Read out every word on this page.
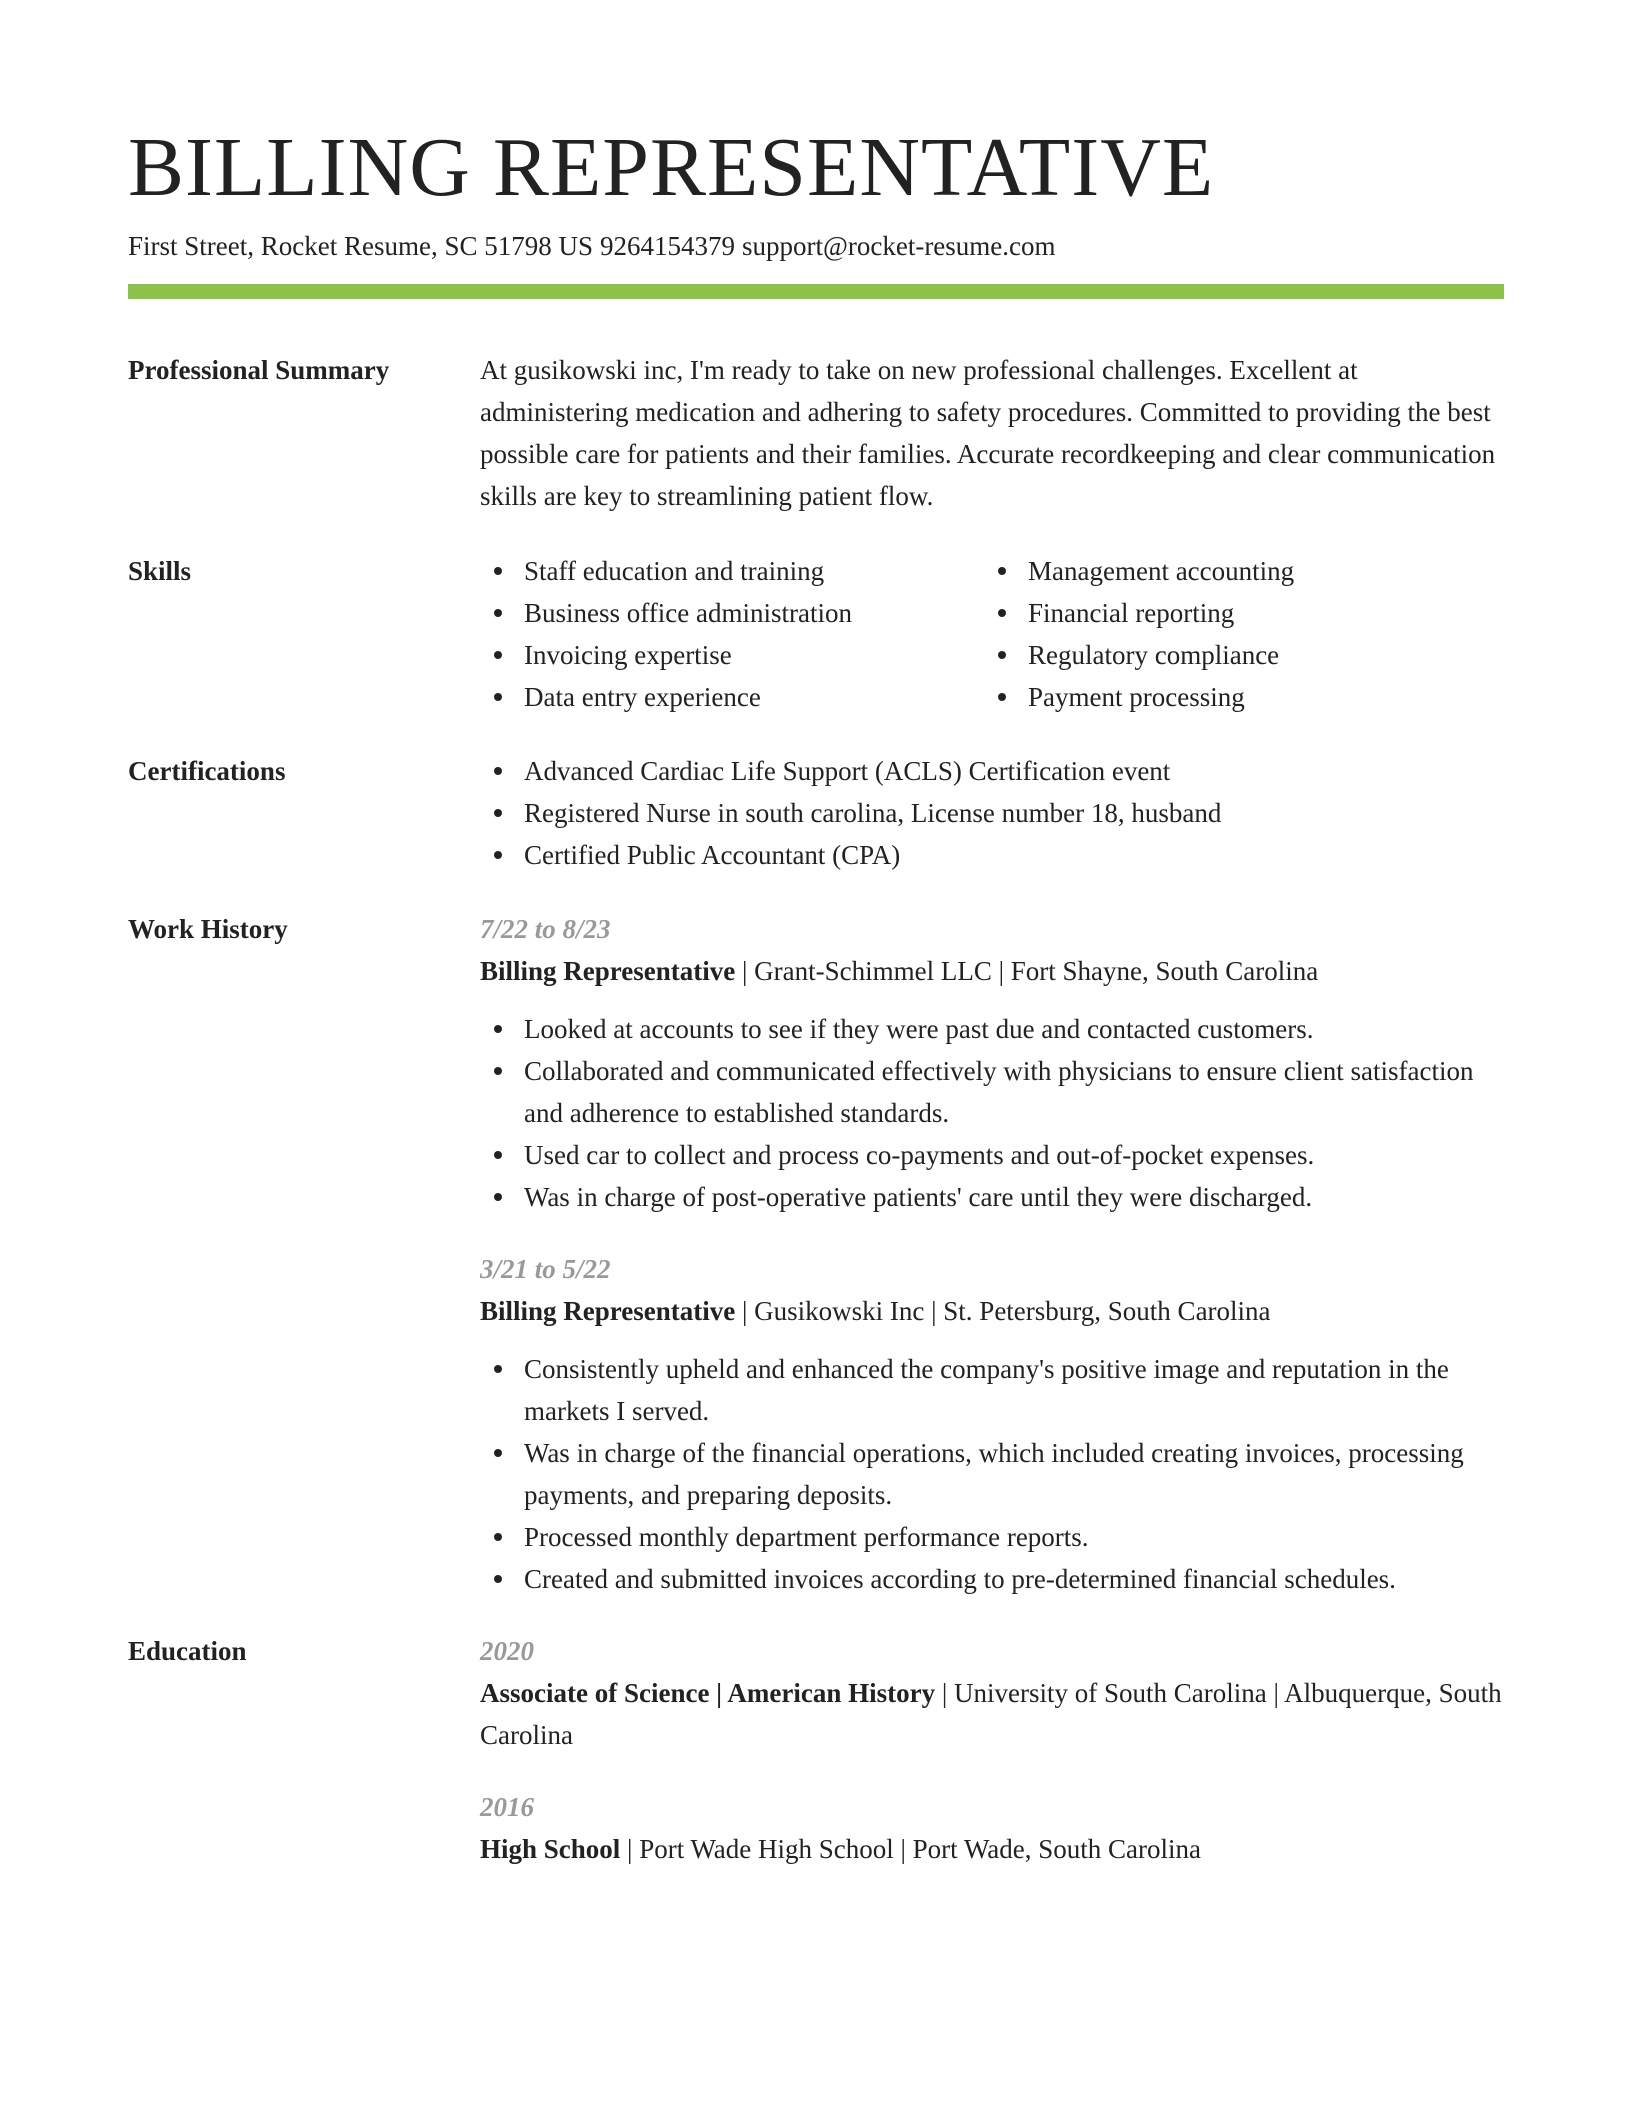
BILLING REPRESENTATIVE
First Street, Rocket Resume, SC 51798 US 9264154379 support@rocket-resume.com
Professional Summary	At gusikowski inc, I'm ready to take on new professional challenges. Excellent at administering medication and adhering to safety procedures. Committed to providing the best possible care for patients and their families. Accurate recordkeeping and clear communication skills are key to streamlining patient flow.
Skills	Staff education and training
Business office administration
Invoicing expertise
Data entry experience
Management accounting
Financial reporting
Regulatory compliance
Payment processing
Certifications	Advanced Cardiac Life Support (ACLS) Certification event
Registered Nurse in south carolina, License number 18, husband
Certified Public Accountant (CPA)
Work History	7/22 to 8/23
Billing Representative | Grant-Schimmel LLC | Fort Shayne, South Carolina
Looked at accounts to see if they were past due and contacted customers.
Collaborated and communicated effectively with physicians to ensure client satisfaction and adherence to established standards.
Used car to collect and process co-payments and out-of-pocket expenses.
Was in charge of post-operative patients' care until they were discharged.
3/21 to 5/22
Billing Representative | Gusikowski Inc | St. Petersburg, South Carolina
Consistently upheld and enhanced the company's positive image and reputation in the markets I served.
Was in charge of the financial operations, which included creating invoices, processing payments, and preparing deposits.
Processed monthly department performance reports.
Created and submitted invoices according to pre-determined financial schedules.
Education	2020
Associate of Science | American History | University of South Carolina | Albuquerque, South Carolina
2016
High School | Port Wade High School | Port Wade, South Carolina
